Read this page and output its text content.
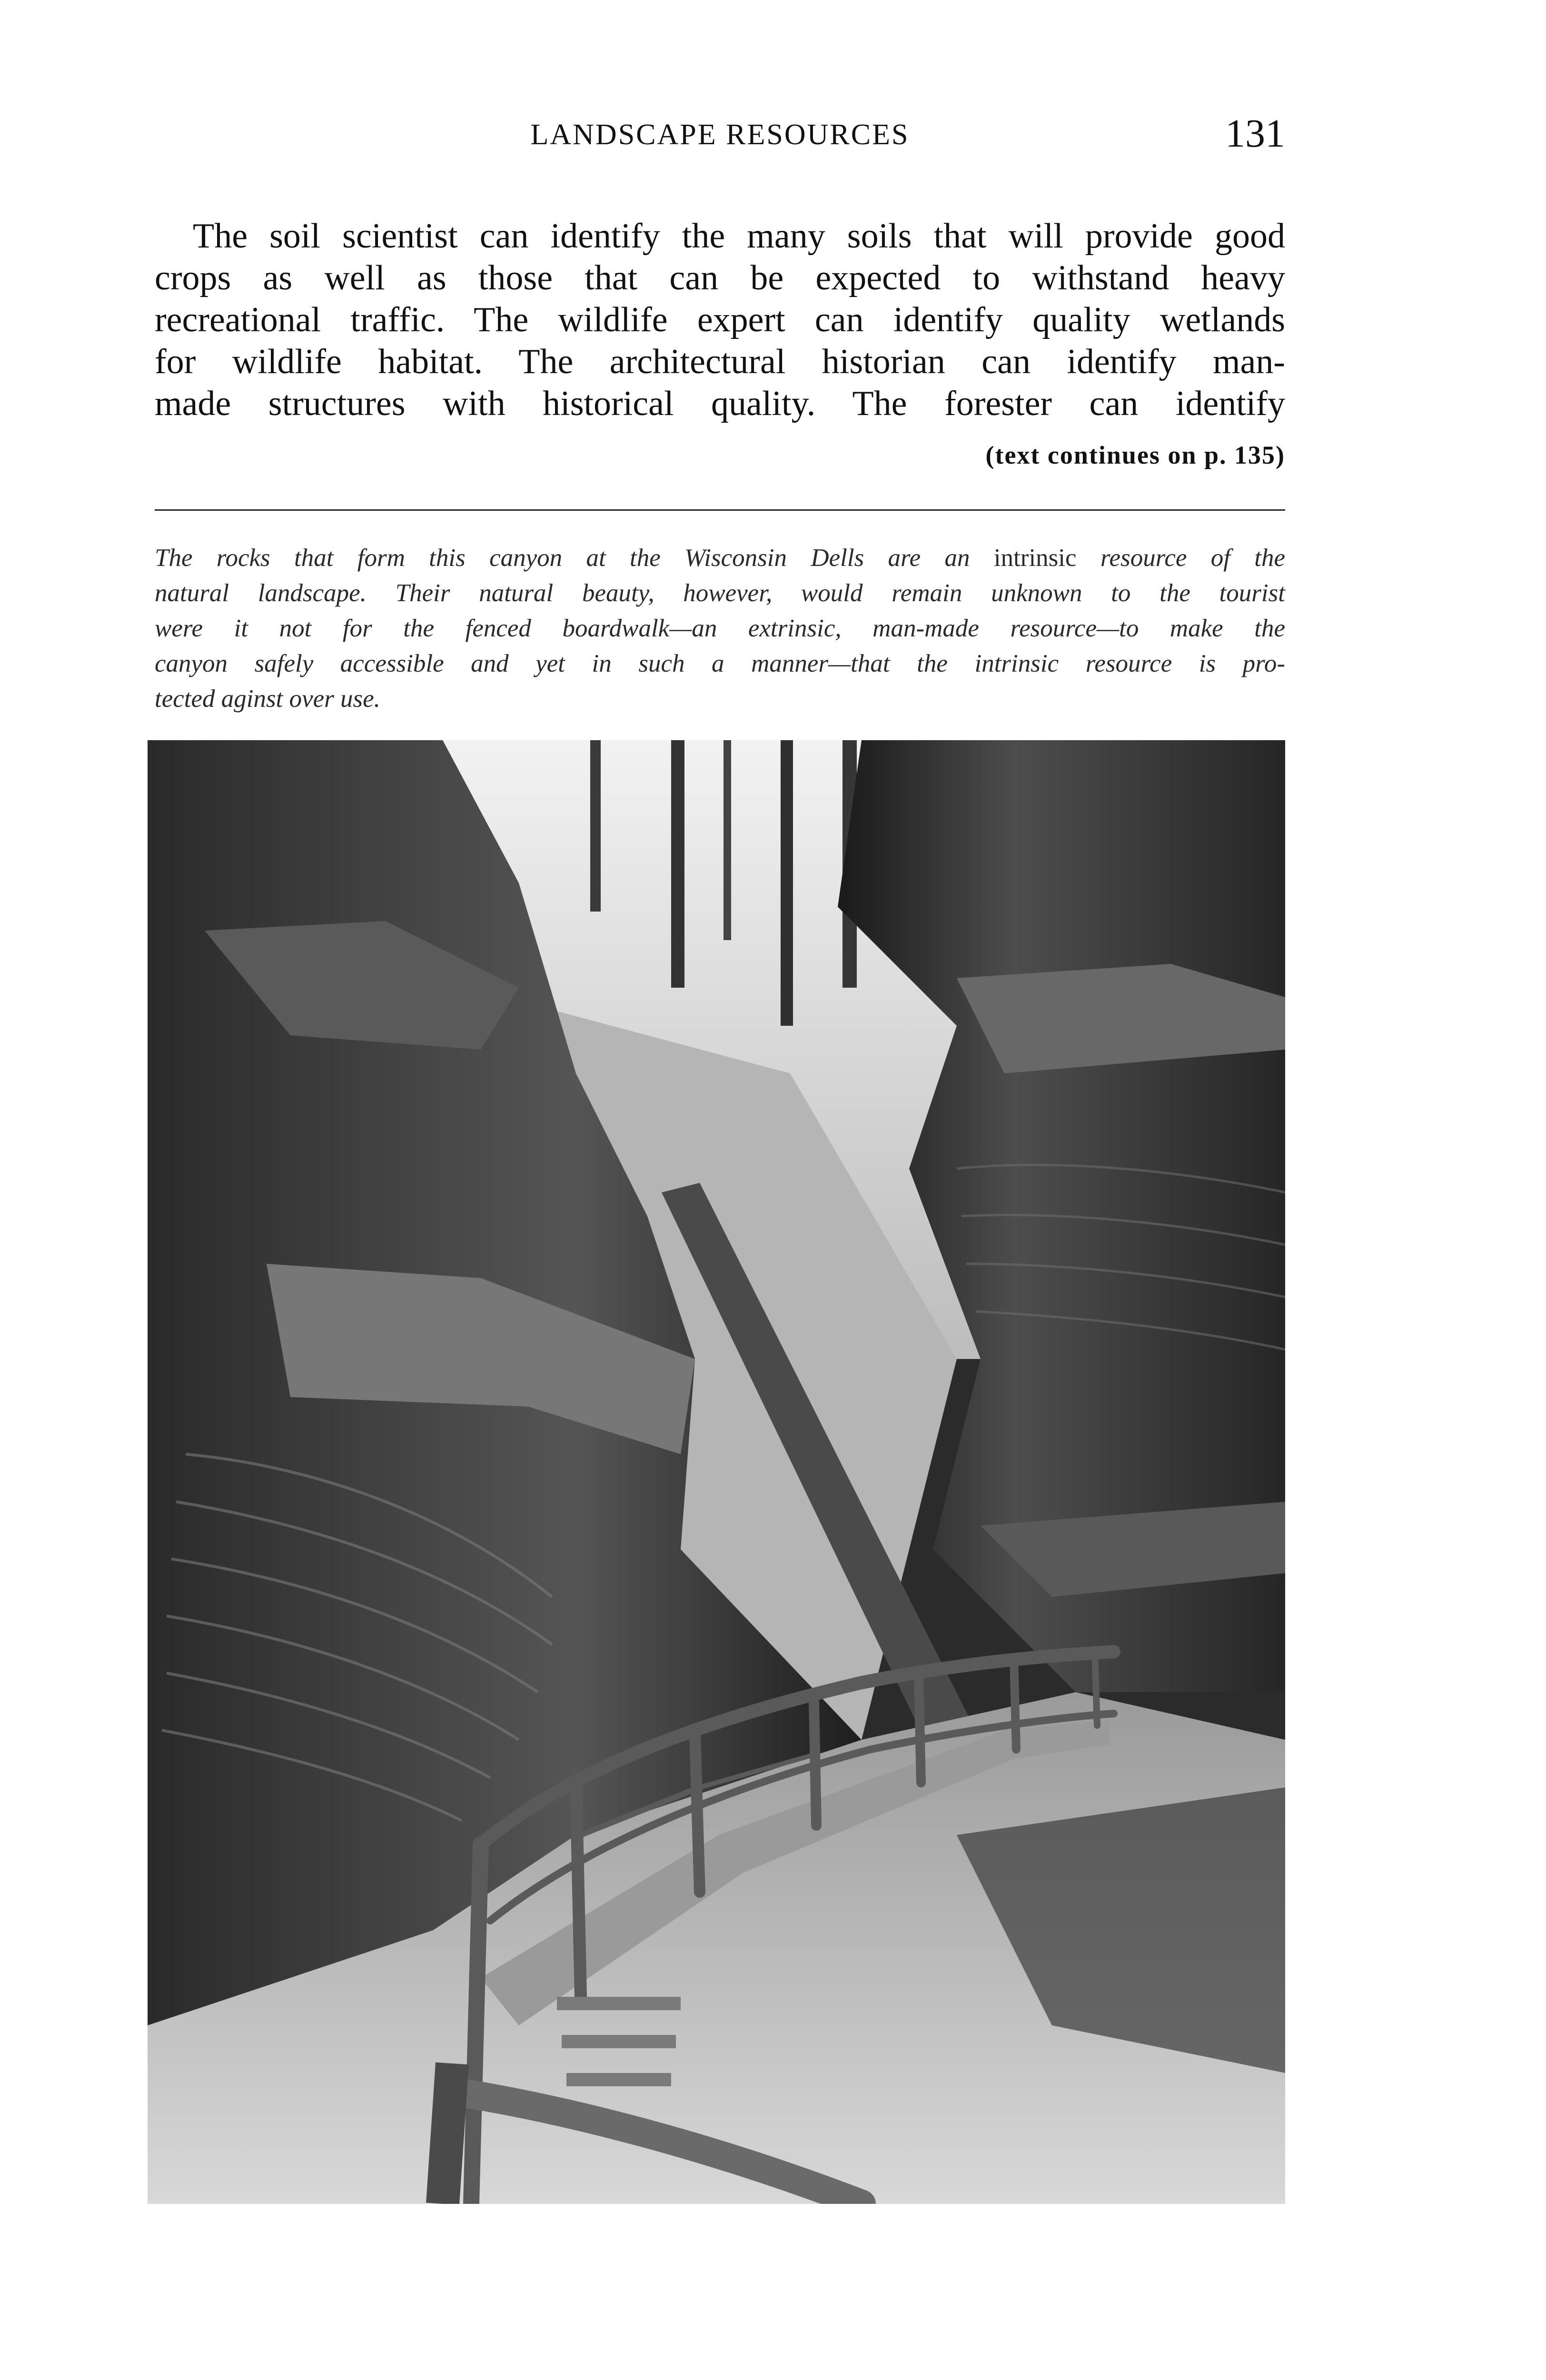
LANDSCAPE RESOURCES	131
The soil scientist can identify the many soils that will provide good
crops as well as those that can be expected to withstand heavy
recreational traffic. The wildlife expert can identify quality wetlands
for wildlife habitat. The architectural historian can identify man-
made structures with historical quality. The forester can identify
(text continues on p. 135)
The rocks that form this canyon at the Wisconsin Dells are an intrinsic resource of the
natural landscape. Their natural beauty, however, would remain unknown to the tourist
were it not for the fenced boardwalk—an extrinsic, man-made resource—to make the
canyon safely accessible and yet in such a manner—that the intrinsic resource is pro-
tected aginst over use.
